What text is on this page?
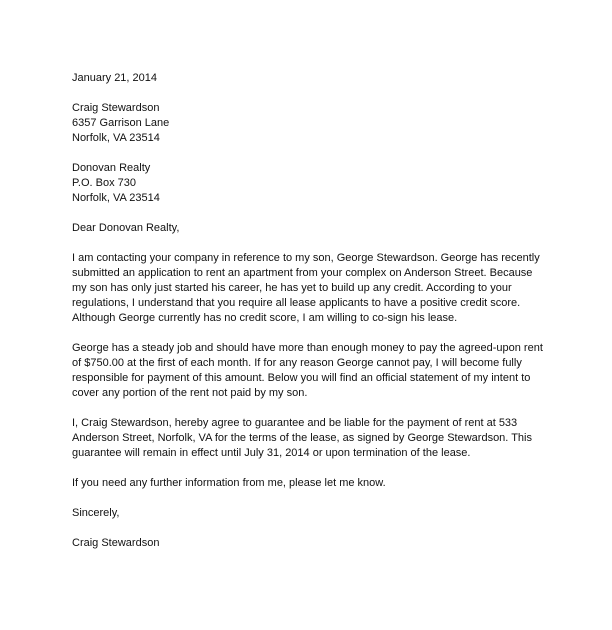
January 21, 2014
Craig Stewardson
6357 Garrison Lane
Norfolk, VA 23514
Donovan Realty
P.O. Box 730
Norfolk, VA 23514
Dear Donovan Realty,
I am contacting your company in reference to my son, George Stewardson. George has recently
submitted an application to rent an apartment from your complex on Anderson Street. Because
my son has only just started his career, he has yet to build up any credit. According to your
regulations, I understand that you require all lease applicants to have a positive credit score.
Although George currently has no credit score, I am willing to co-sign his lease.
George has a steady job and should have more than enough money to pay the agreed-upon rent
of $750.00 at the first of each month. If for any reason George cannot pay, I will become fully
responsible for payment of this amount. Below you will find an official statement of my intent to
cover any portion of the rent not paid by my son.
I, Craig Stewardson, hereby agree to guarantee and be liable for the payment of rent at 533
Anderson Street, Norfolk, VA for the terms of the lease, as signed by George Stewardson. This
guarantee will remain in effect until July 31, 2014 or upon termination of the lease.
If you need any further information from me, please let me know.
Sincerely,
Craig Stewardson
